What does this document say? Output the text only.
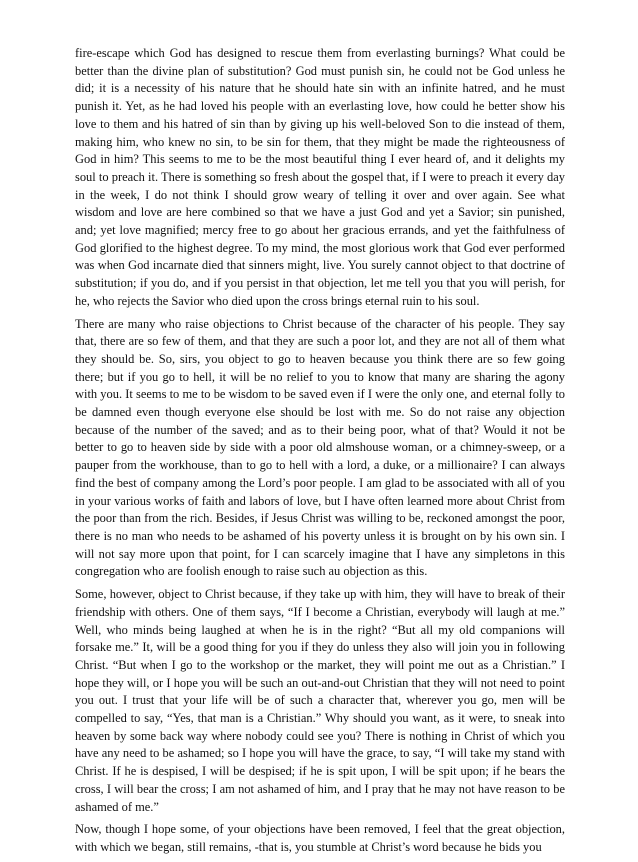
fire-escape which God has designed to rescue them from everlasting burnings? What could be better than the divine plan of substitution? God must punish sin, he could not be God unless he did; it is a necessity of his nature that he should hate sin with an infinite hatred, and he must punish it. Yet, as he had loved his people with an everlasting love, how could he better show his love to them and his hatred of sin than by giving up his well-beloved Son to die instead of them, making him, who knew no sin, to be sin for them, that they might be made the righteousness of God in him? This seems to me to be the most beautiful thing I ever heard of, and it delights my soul to preach it. There is something so fresh about the gospel that, if I were to preach it every day in the week, I do not think I should grow weary of telling it over and over again. See what wisdom and love are here combined so that we have a just God and yet a Savior; sin punished, and; yet love magnified; mercy free to go about her gracious errands, and yet the faithfulness of God glorified to the highest degree. To my mind, the most glorious work that God ever performed was when God incarnate died that sinners might, live. You surely cannot object to that doctrine of substitution; if you do, and if you persist in that objection, let me tell you that you will perish, for he, who rejects the Savior who died upon the cross brings eternal ruin to his soul.

There are many who raise objections to Christ because of the character of his people. They say that, there are so few of them, and that they are such a poor lot, and they are not all of them what they should be. So, sirs, you object to go to heaven because you think there are so few going there; but if you go to hell, it will be no relief to you to know that many are sharing the agony with you. It seems to me to be wisdom to be saved even if I were the only one, and eternal folly to be damned even though everyone else should be lost with me. So do not raise any objection because of the number of the saved; and as to their being poor, what of that? Would it not be better to go to heaven side by side with a poor old almshouse woman, or a chimney-sweep, or a pauper from the workhouse, than to go to hell with a lord, a duke, or a millionaire? I can always find the best of company among the Lord’s poor people. I am glad to be associated with all of you in your various works of faith and labors of love, but I have often learned more about Christ from the poor than from the rich. Besides, if Jesus Christ was willing to be, reckoned amongst the poor, there is no man who needs to be ashamed of his poverty unless it is brought on by his own sin. I will not say more upon that point, for I can scarcely imagine that I have any simpletons in this congregation who are foolish enough to raise such au objection as this.

Some, however, object to Christ because, if they take up with him, they will have to break of their friendship with others. One of them says, “If I become a Christian, everybody will laugh at me.” Well, who minds being laughed at when he is in the right? “But all my old companions will forsake me.” It, will be a good thing for you if they do unless they also will join you in following Christ. “But when I go to the workshop or the market, they will point me out as a Christian.” I hope they will, or I hope you will be such an out-and-out Christian that they will not need to point you out. I trust that your life will be of such a character that, wherever you go, men will be compelled to say, “Yes, that man is a Christian.” Why should you want, as it were, to sneak into heaven by some back way where nobody could see you? There is nothing in Christ of which you have any need to be ashamed; so I hope you will have the grace, to say, “I will take my stand with Christ. If he is despised, I will be despised; if he is spit upon, I will be spit upon; if he bears the cross, I will bear the cross; I am not ashamed of him, and I pray that he may not have reason to be ashamed of me.”

Now, though I hope some, of your objections have been removed, I feel that the great objection, with which we began, still remains, -that is, you stumble at Christ’s word because he bids you
